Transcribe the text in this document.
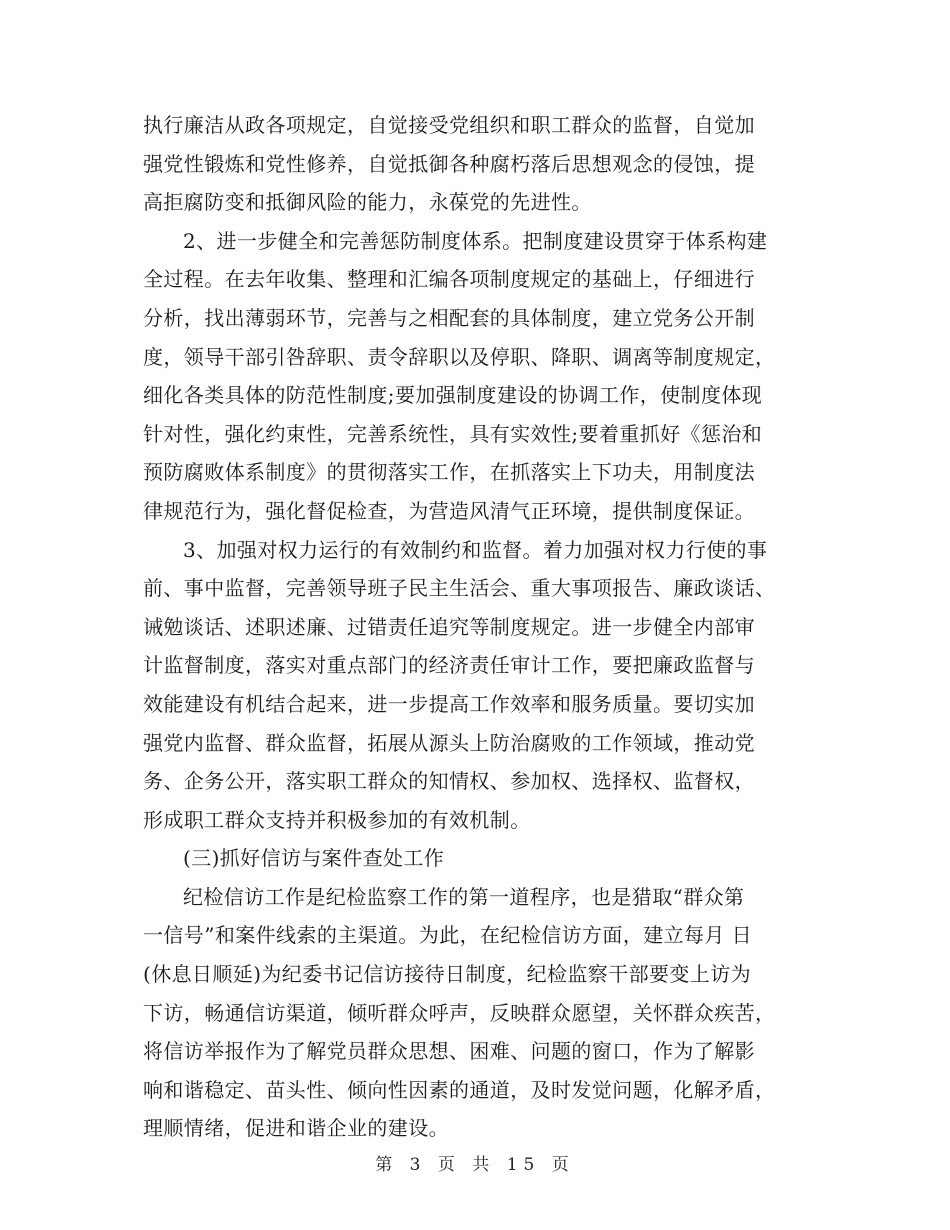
执行廉洁从政各项规定，自觉接受党组织和职工群众的监督，自觉加
强党性锻炼和党性修养，自觉抵御各种腐朽落后思想观念的侵蚀，提
高拒腐防变和抵御风险的能力，永葆党的先进性。
2、进一步健全和完善惩防制度体系。把制度建设贯穿于体系构建
全过程。在去年收集、整理和汇编各项制度规定的基础上，仔细进行
分析，找出薄弱环节，完善与之相配套的具体制度，建立党务公开制
度，领导干部引咎辞职、责令辞职以及停职、降职、调离等制度规定，
细化各类具体的防范性制度;要加强制度建设的协调工作，使制度体现
针对性，强化约束性，完善系统性，具有实效性;要着重抓好《惩治和
预防腐败体系制度》的贯彻落实工作，在抓落实上下功夫，用制度法
律规范行为，强化督促检查，为营造风清气正环境，提供制度保证。
3、加强对权力运行的有效制约和监督。着力加强对权力行使的事
前、事中监督，完善领导班子民主生活会、重大事项报告、廉政谈话、
诫勉谈话、述职述廉、过错责任追究等制度规定。进一步健全内部审
计监督制度，落实对重点部门的经济责任审计工作，要把廉政监督与
效能建设有机结合起来，进一步提高工作效率和服务质量。要切实加
强党内监督、群众监督，拓展从源头上防治腐败的工作领域，推动党
务、企务公开，落实职工群众的知情权、参加权、选择权、监督权，
形成职工群众支持并积极参加的有效机制。
(三)抓好信访与案件查处工作
纪检信访工作是纪检监察工作的第一道程序，也是猎取“群众第
一信号”和案件线索的主渠道。为此，在纪检信访方面，建立每月 日
(休息日顺延)为纪委书记信访接待日制度，纪检监察干部要变上访为
下访，畅通信访渠道，倾听群众呼声，反映群众愿望，关怀群众疾苦，
将信访举报作为了解党员群众思想、困难、问题的窗口，作为了解影
响和谐稳定、苗头性、倾向性因素的通道，及时发觉问题，化解矛盾，
理顺情绪，促进和谐企业的建设。
第 3 页 共 15 页
